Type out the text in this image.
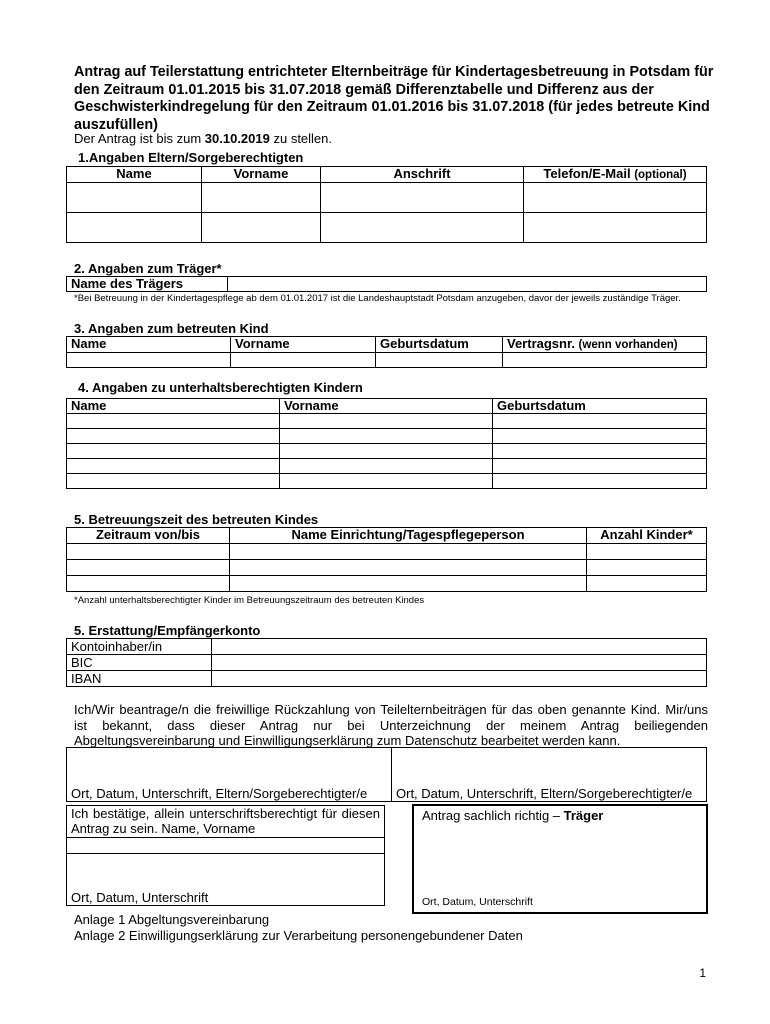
Antrag auf Teilerstattung entrichteter Elternbeiträge für Kindertagesbetreuung in Potsdam für den Zeitraum 01.01.2015 bis 31.07.2018 gemäß Differenztabelle und Differenz aus der Geschwisterkindregelung für den Zeitraum 01.01.2016 bis 31.07.2018 (für jedes betreute Kind auszufüllen)
Der Antrag ist bis zum 30.10.2019 zu stellen.
1.Angaben Eltern/Sorgeberechtigten
Name	Vorname	Anschrift	Telefon/E-Mail (optional)

2. Angaben zum Träger*
Name des Trägers	
*Bei Betreuung in der Kindertagespflege ab dem 01.01.2017 ist die Landeshauptstadt Potsdam anzugeben, davor der jeweils zuständige Träger.
3. Angaben zum betreuten Kind
Name	Vorname	Geburtsdatum	Vertragsnr. (wenn vorhanden)

4. Angaben zu unterhaltsberechtigten Kindern
Name	Vorname	Geburtsdatum

5. Betreuungszeit des betreuten Kindes
Zeitraum von/bis	Name Einrichtung/Tagespflegeperson	Anzahl Kinder*

*Anzahl unterhaltsberechtigter Kinder im Betreuungszeitraum des betreuten Kindes
5. Erstattung/Empfängerkonto
Kontoinhaber/in	
BIC	
IBAN	
Ich/Wir beantrage/n die freiwillige Rückzahlung von Teilelternbeiträgen für das oben genannte Kind. Mir/uns ist bekannt, dass dieser Antrag nur bei Unterzeichnung der meinem Antrag beiliegenden Abgeltungsvereinbarung und Einwilligungserklärung zum Datenschutz bearbeitet werden kann.
Ort, Datum, Unterschrift, Eltern/Sorgeberechtigter/e	Ort, Datum, Unterschrift, Eltern/Sorgeberechtigter/e
Ich bestätige, allein unterschriftsberechtigt für diesen Antrag zu sein. Name, Vorname

Ort, Datum, Unterschrift
Antrag sachlich richtig – Träger
Ort, Datum, Unterschrift
Anlage 1 Abgeltungsvereinbarung
Anlage 2 Einwilligungserklärung zur Verarbeitung personengebundener Daten
1
